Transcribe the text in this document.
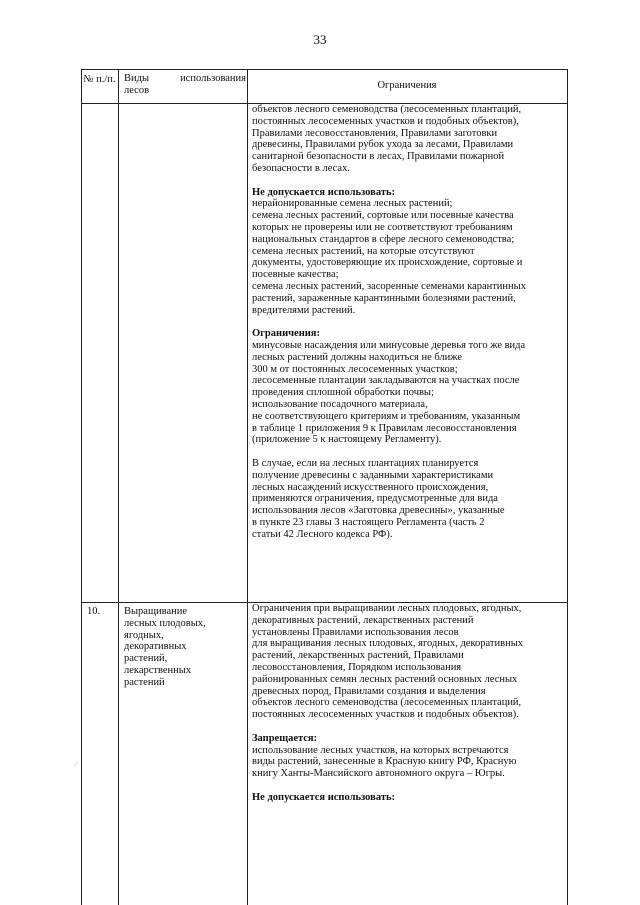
33
№ п./п. Виды использования
лесов	Ограничения
объектов лесного семеноводства (лесосеменных плантаций,
постоянных лесосеменных участков и подобных объектов),
Правилами лесовосстановления, Правилами заготовки
древесины, Правилами рубок ухода за лесами, Правилами
санитарной безопасности в лесах, Правилами пожарной
безопасности в лесах.
Не допускается использовать:
нерайонированные семена лесных растений;
семена лесных растений, сортовые или посевные качества
которых не проверены или не соответствуют требованиям
национальных стандартов в сфере лесного семеноводства;
семена лесных растений, на которые отсутствуют
документы, удостоверяющие их происхождение, сортовые и
посевные качества;
семена лесных растений, засоренные семенами карантинных
растений, зараженные карантинными болезнями растений,
вредителями растений.
Ограничения:
минусовые насаждения или минусовые деревья того же вида
лесных растений должны находиться не ближе
300 м от постоянных лесосеменных участков;
лесосеменные плантации закладываются на участках после
проведения сплошной обработки почвы;
использование посадочного материала,
не соответствующего критериям и требованиям, указанным
в таблице 1 приложения 9 к Правилам лесовосстановления
(приложение 5 к настоящему Регламенту).
В случае, если на лесных плантациях планируется
получение древесины с заданными характеристиками
лесных насаждений искусственного происхождения,
применяются ограничения, предусмотренные для вида
использования лесов «Заготовка древесины», указанные
в пункте 23 главы 3 настоящего Регламента (часть 2
статьи 42 Лесного кодекса РФ).
10.	Выращивание
лесных плодовых,
ягодных,
декоративных
растений,
лекарственных
растений
Ограничения при выращивании лесных плодовых, ягодных,
декоративных растений, лекарственных растений
установлены Правилами использования лесов
для выращивания лесных плодовых, ягодных, декоративных
растений, лекарственных растений, Правилами
лесовосстановления, Порядком использования
районированных семян лесных растений основных лесных
древесных пород, Правилами создания и выделения
объектов лесного семеноводства (лесосеменных плантаций,
постоянных лесосеменных участков и подобных объектов).
Запрещается:
использование лесных участков, на которых встречаются
виды растений, занесенные в Красную книгу РФ, Красную
книгу Ханты-Мансийского автономного округа – Югры.
Не допускается использовать:
⁄
